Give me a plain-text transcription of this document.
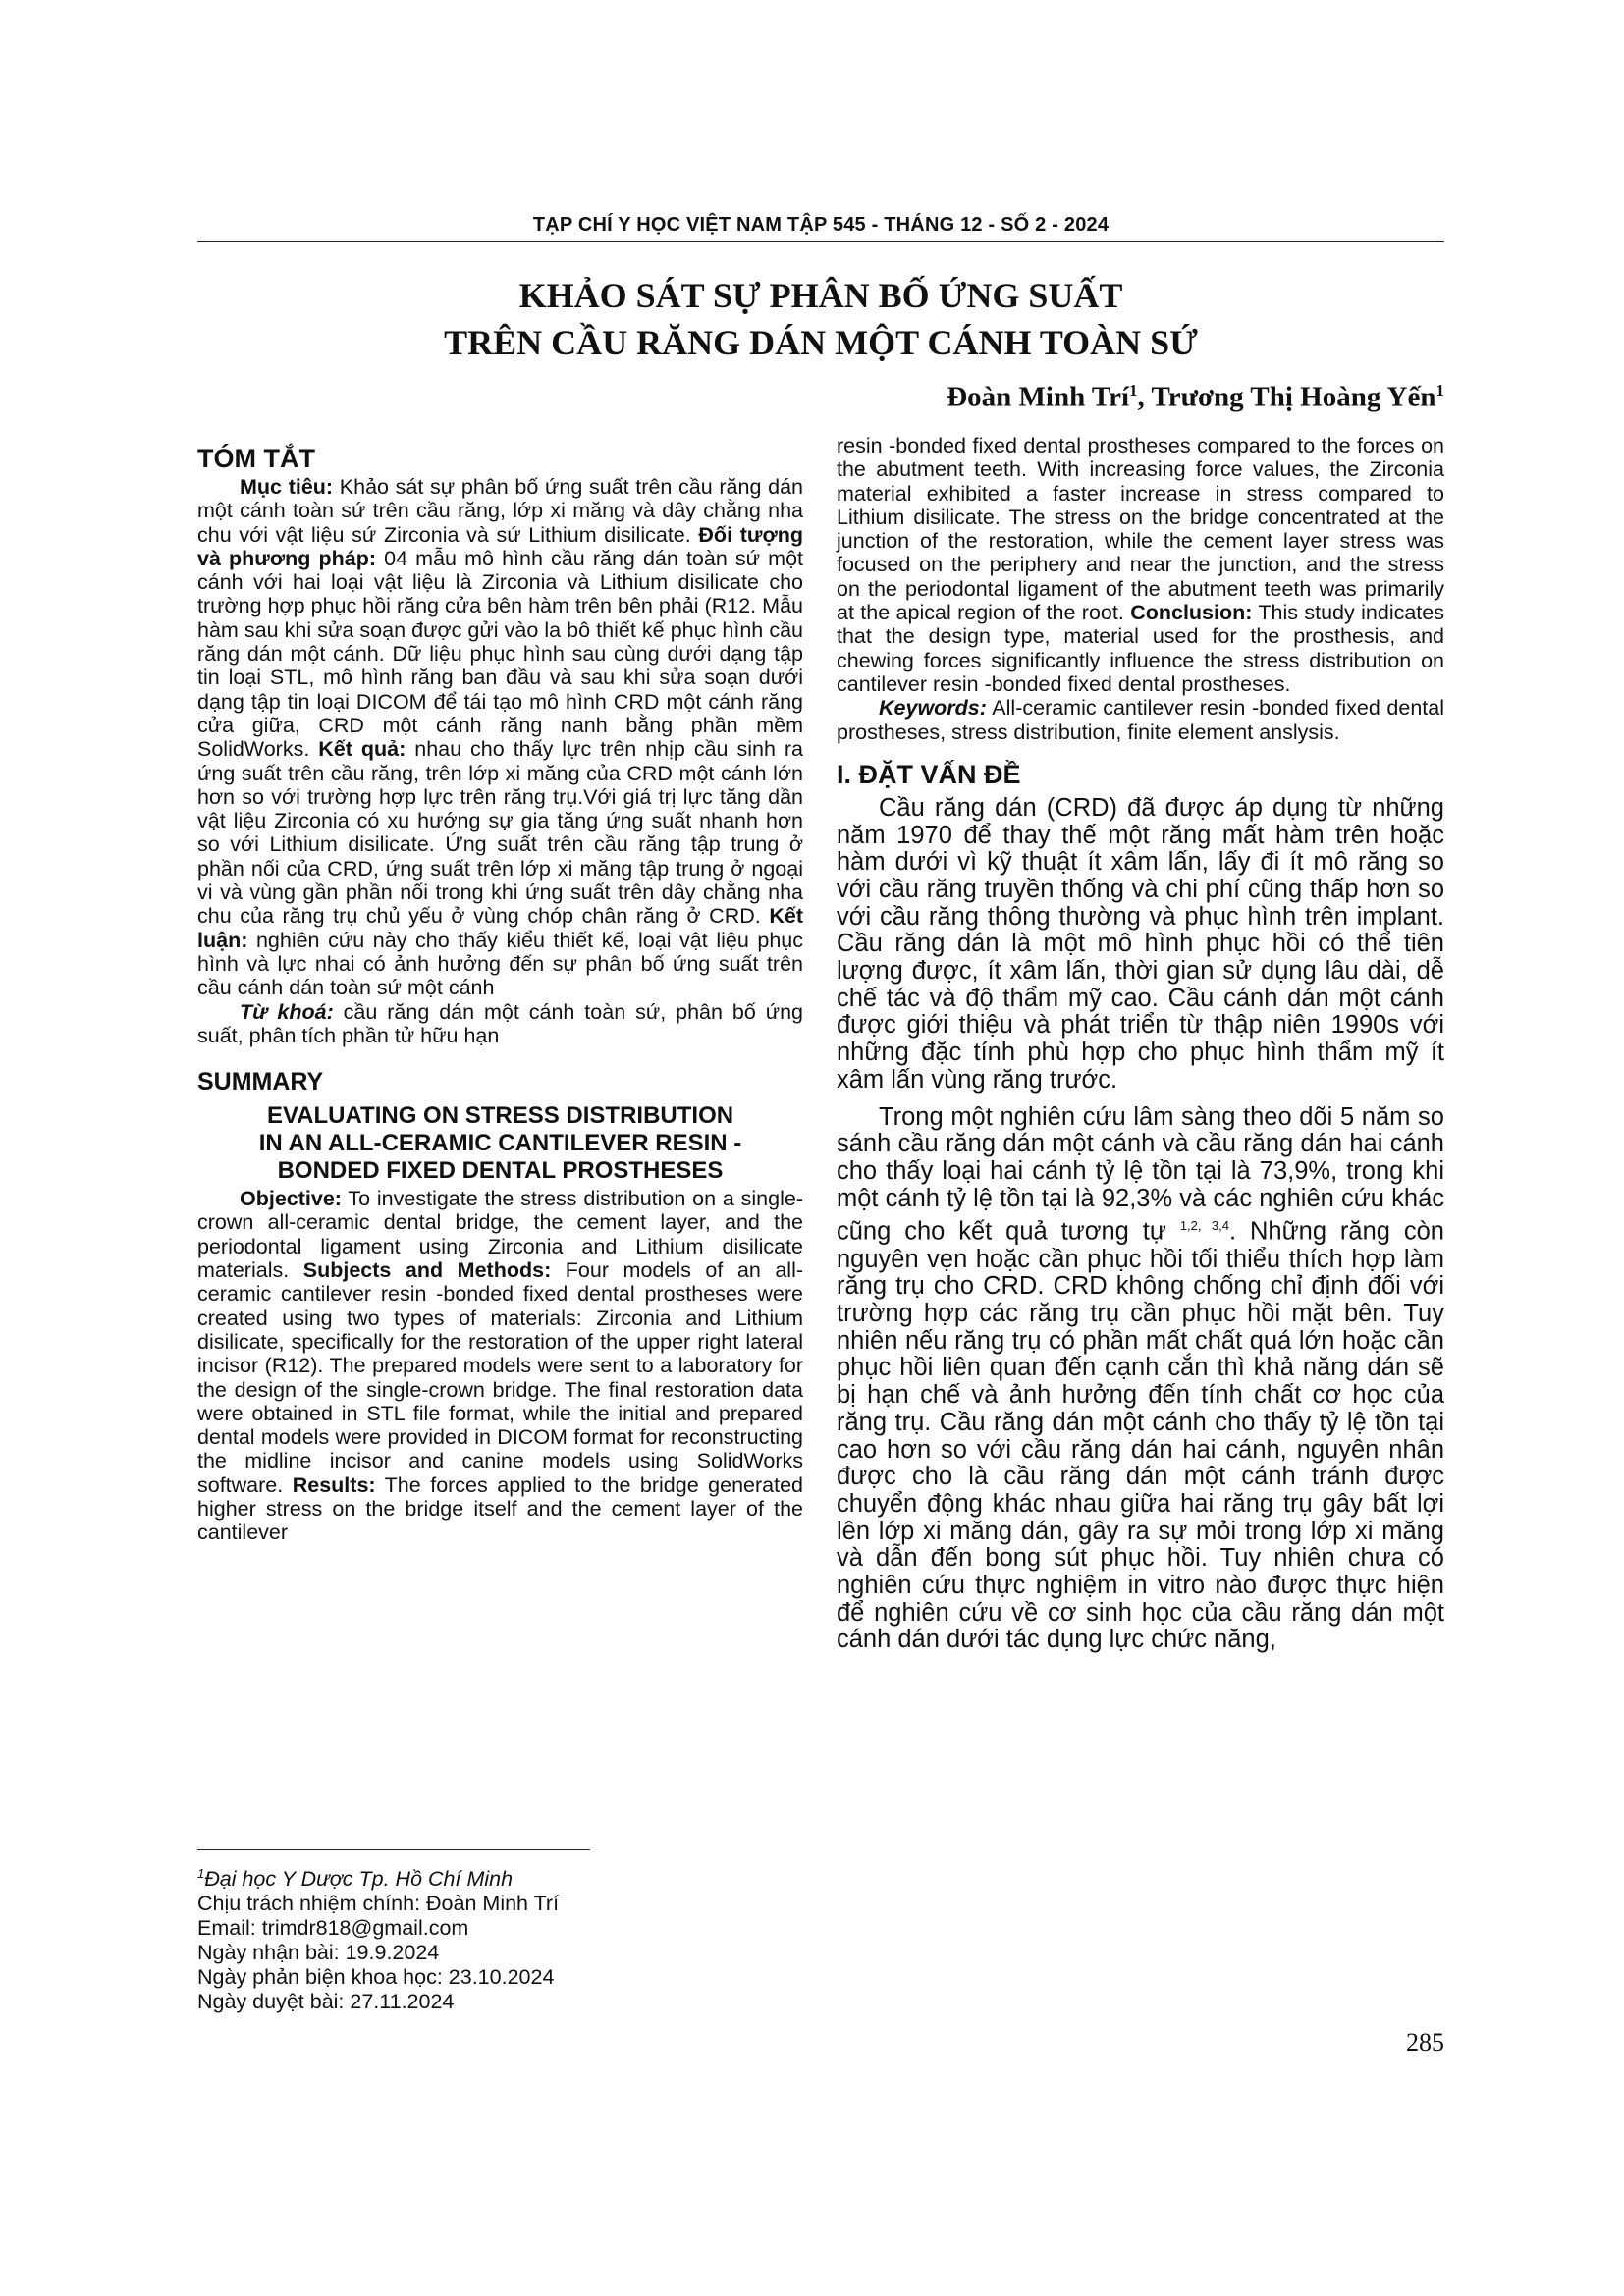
TẠP CHÍ Y HỌC VIỆT NAM TẬP 545 - THÁNG 12 - SỐ 2 - 2024
KHẢO SÁT SỰ PHÂN BỐ ỨNG SUẤT
TRÊN CẦU RĂNG DÁN MỘT CÁNH TOÀN SỨ
Đoàn Minh Trí$^1$, Trương Thị Hoàng Yến$^1$
TÓM TẮT

Mục tiêu: Khảo sát sự phân bố ứng suất trên cầu răng dán một cánh toàn sứ trên cầu răng, lớp xi măng và dây chằng nha chu với vật liệu sứ Zirconia và sứ Lithium disilicate. Đối tượng và phương pháp: 04 mẫu mô hình cầu răng dán toàn sứ một cánh với hai loại vật liệu là Zirconia và Lithium disilicate cho trường hợp phục hồi răng cửa bên hàm trên bên phải (R12. Mẫu hàm sau khi sửa soạn được gửi vào la bô thiết kế phục hình cầu răng dán một cánh. Dữ liệu phục hình sau cùng dưới dạng tập tin loại STL, mô hình răng ban đầu và sau khi sửa soạn dưới dạng tập tin loại DICOM để tái tạo mô hình CRD một cánh răng cửa giữa, CRD một cánh răng nanh bằng phần mềm SolidWorks. Kết quả: nhau cho thấy lực trên nhịp cầu sinh ra ứng suất trên cầu răng, trên lớp xi măng của CRD một cánh lớn hơn so với trường hợp lực trên răng trụ.Với giá trị lực tăng dần vật liệu Zirconia có xu hướng sự gia tăng ứng suất nhanh hơn so với Lithium disilicate. Ứng suất trên cầu răng tập trung ở phần nối của CRD, ứng suất trên lớp xi măng tập trung ở ngoại vi và vùng gần phần nối trong khi ứng suất trên dây chằng nha chu của răng trụ chủ yếu ở vùng chóp chân răng ở CRD. Kết luận: nghiên cứu này cho thấy kiểu thiết kế, loại vật liệu phục hình và lực nhai có ảnh hưởng đến sự phân bố ứng suất trên cầu cánh dán toàn sứ một cánh

Từ khoá: cầu răng dán một cánh toàn sứ, phân bố ứng suất, phân tích phần tử hữu hạn

SUMMARY
EVALUATING ON STRESS DISTRIBUTION
IN AN ALL-CERAMIC CANTILEVER RESIN -
BONDED FIXED DENTAL PROSTHESES

Objective: To investigate the stress distribution on a single-crown all-ceramic dental bridge, the cement layer, and the periodontal ligament using Zirconia and Lithium disilicate materials. Subjects and Methods: Four models of an all-ceramic cantilever resin -bonded fixed dental prostheses were created using two types of materials: Zirconia and Lithium disilicate, specifically for the restoration of the upper right lateral incisor (R12). The prepared models were sent to a laboratory for the design of the single-crown bridge. The final restoration data were obtained in STL file format, while the initial and prepared dental models were provided in DICOM format for reconstructing the midline incisor and canine models using SolidWorks software. Results: The forces applied to the bridge generated higher stress on the bridge itself and the cement layer of the cantilever

$^1$Đại học Y Dược Tp. Hồ Chí Minh
Chịu trách nhiệm chính: Đoàn Minh Trí
Email: trimdr818@gmail.com
Ngày nhận bài: 19.9.2024
Ngày phản biện khoa học: 23.10.2024
Ngày duyệt bài: 27.11.2024

resin -bonded fixed dental prostheses compared to the forces on the abutment teeth. With increasing force values, the Zirconia material exhibited a faster increase in stress compared to Lithium disilicate. The stress on the bridge concentrated at the junction of the restoration, while the cement layer stress was focused on the periphery and near the junction, and the stress on the periodontal ligament of the abutment teeth was primarily at the apical region of the root. Conclusion: This study indicates that the design type, material used for the prosthesis, and chewing forces significantly influence the stress distribution on cantilever resin -bonded fixed dental prostheses.

Keywords: All-ceramic cantilever resin -bonded fixed dental prostheses, stress distribution, finite element anslysis.

I. ĐẶT VẤN ĐỀ

Cầu răng dán (CRD) đã được áp dụng từ những năm 1970 để thay thế một răng mất hàm trên hoặc hàm dưới vì kỹ thuật ít xâm lấn, lấy đi ít mô răng so với cầu răng truyền thống và chi phí cũng thấp hơn so với cầu răng thông thường và phục hình trên implant. Cầu răng dán là một mô hình phục hồi có thể tiên lượng được, ít xâm lấn, thời gian sử dụng lâu dài, dễ chế tác và độ thẩm mỹ cao. Cầu cánh dán một cánh được giới thiệu và phát triển từ thập niên 1990s với những đặc tính phù hợp cho phục hình thẩm mỹ ít xâm lấn vùng răng trước.

Trong một nghiên cứu lâm sàng theo dõi 5 năm so sánh cầu răng dán một cánh và cầu răng dán hai cánh cho thấy loại hai cánh tỷ lệ tồn tại là 73,9%, trong khi một cánh tỷ lệ tồn tại là 92,3% và các nghiên cứu khác cũng cho kết quả tương tự $^{1,2, 3,4}$. Những răng còn nguyên vẹn hoặc cần phục hồi tối thiểu thích hợp làm răng trụ cho CRD. CRD không chống chỉ định đối với trường hợp các răng trụ cần phục hồi mặt bên. Tuy nhiên nếu răng trụ có phần mất chất quá lớn hoặc cần phục hồi liên quan đến cạnh cắn thì khả năng dán sẽ bị hạn chế và ảnh hưởng đến tính chất cơ học của răng trụ. Cầu răng dán một cánh cho thấy tỷ lệ tồn tại cao hơn so với cầu răng dán hai cánh, nguyên nhân được cho là cầu răng dán một cánh tránh được chuyển động khác nhau giữa hai răng trụ gây bất lợi lên lớp xi măng dán, gây ra sự mỏi trong lớp xi măng và dẫn đến bong sút phục hồi. Tuy nhiên chưa có nghiên cứu thực nghiệm in vitro nào được thực hiện để nghiên cứu về cơ sinh học của cầu răng dán một cánh dán dưới tác dụng lực chức năng,

285
